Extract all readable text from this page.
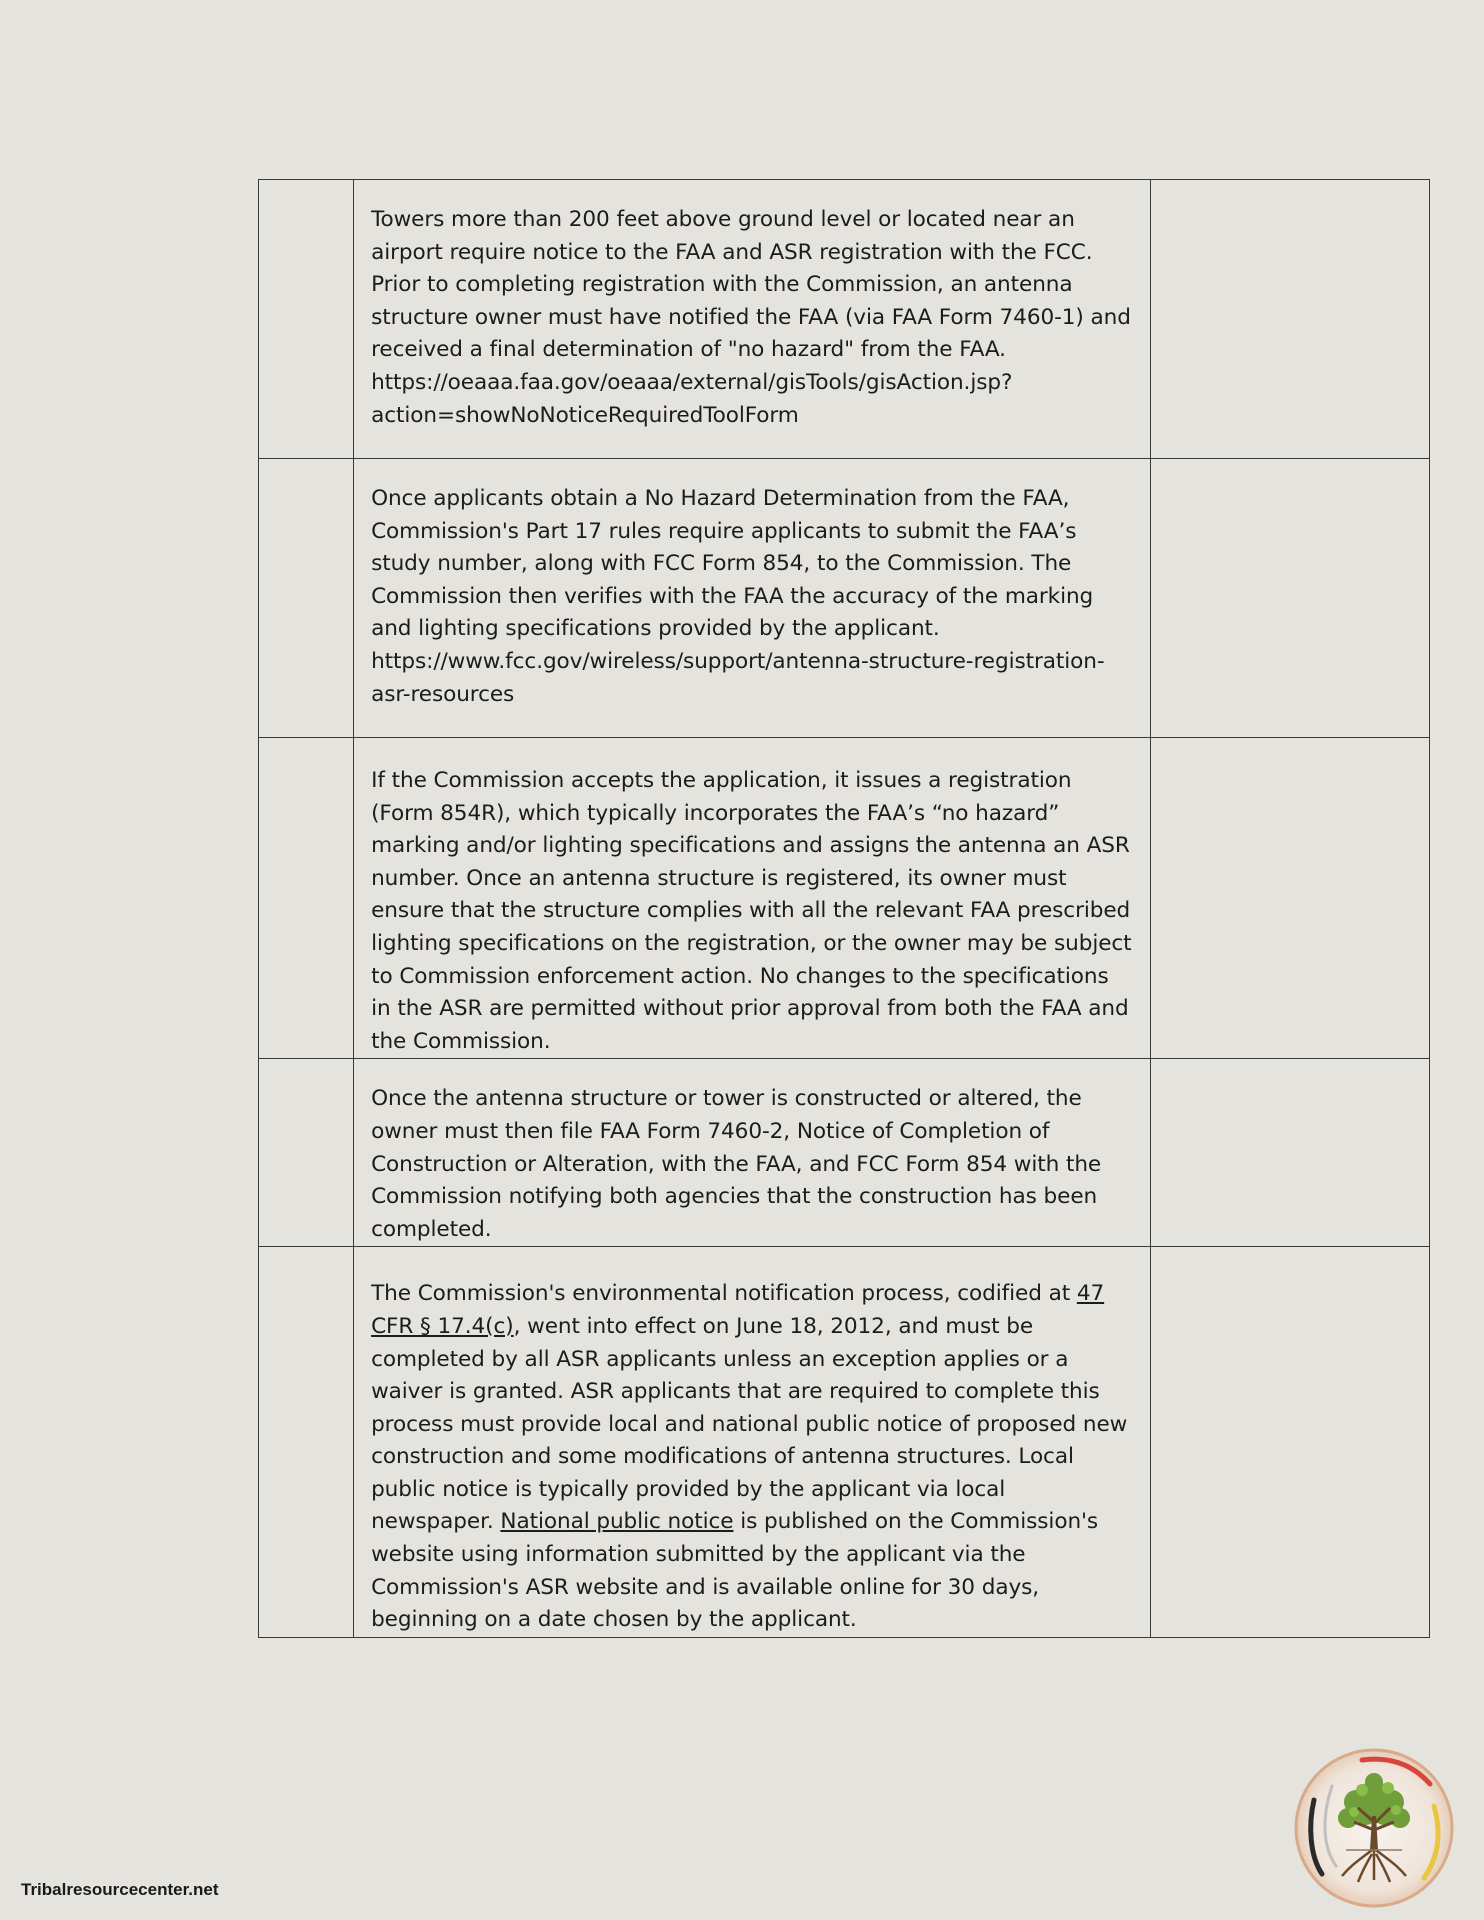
	Towers more than 200 feet above ground level or located near an airport require notice to the FAA and ASR registration with the FCC. Prior to completing registration with the Commission, an antenna structure owner must have notified the FAA (via FAA Form 7460-1) and received a final determination of "no hazard" from the FAA. https://oeaaa.faa.gov/oeaaa/external/gisTools/gisAction.jsp?action=showNoNoticeRequiredToolForm	

	Once applicants obtain a No Hazard Determination from the FAA, Commission's Part 17 rules require applicants to submit the FAA’s study number, along with FCC Form 854, to the Commission. The Commission then verifies with the FAA the accuracy of the marking and lighting specifications provided by the applicant. https://www.fcc.gov/wireless/support/antenna-structure-registration-asr-resources	

	If the Commission accepts the application, it issues a registration (Form 854R), which typically incorporates the FAA’s “no hazard” marking and/or lighting specifications and assigns the antenna an ASR number. Once an antenna structure is registered, its owner must ensure that the structure complies with all the relevant FAA prescribed lighting specifications on the registration, or the owner may be subject to Commission enforcement action. No changes to the specifications in the ASR are permitted without prior approval from both the FAA and the Commission.	

	Once the antenna structure or tower is constructed or altered, the owner must then file FAA Form 7460-2, Notice of Completion of Construction or Alteration, with the FAA, and FCC Form 854 with the Commission notifying both agencies that the construction has been completed.	

	The Commission's environmental notification process, codified at 47 CFR § 17.4(c), went into effect on June 18, 2012, and must be completed by all ASR applicants unless an exception applies or a waiver is granted. ASR applicants that are required to complete this process must provide local and national public notice of proposed new construction and some modifications of antenna structures. Local public notice is typically provided by the applicant via local newspaper. National public notice is published on the Commission's website using information submitted by the applicant via the Commission's ASR website and is available online for 30 days, beginning on a date chosen by the applicant.	

Tribalresourcecenter.net
